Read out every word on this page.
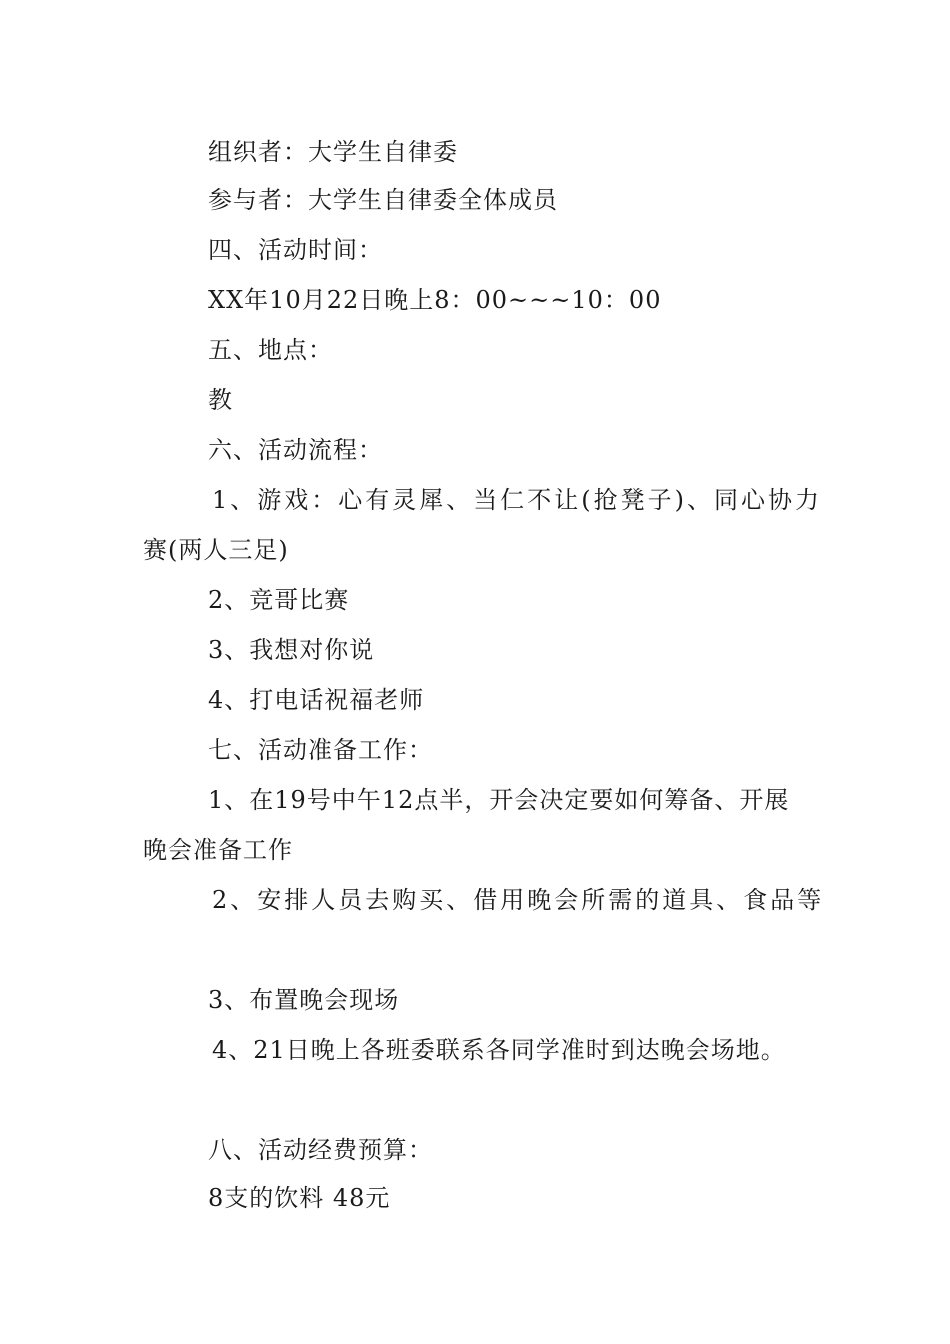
组织者：大学生自律委
参与者：大学生自律委全体成员
四、活动时间：
XX年10月22日晚上8：00~~~10：00
五、地点：
教
六、活动流程：
1、游戏：心有灵犀、当仁不让(抢凳子)、同心协力
赛(两人三足)
2、竞哥比赛
3、我想对你说
4、打电话祝福老师
七、活动准备工作：
1、在19号中午12点半，开会决定要如何筹备、开展
晚会准备工作
2、安排人员去购买、借用晚会所需的道具、食品等
3、布置晚会现场
4、21日晚上各班委联系各同学准时到达晚会场地。
八、活动经费预算：
8支的饮料 48元
